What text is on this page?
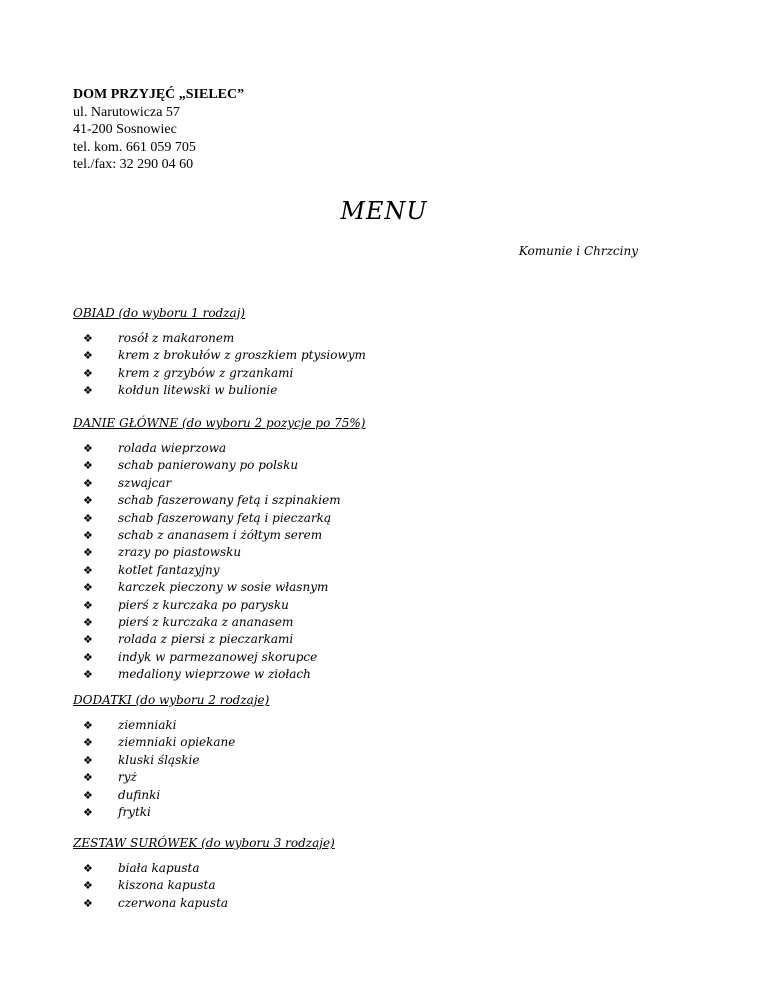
DOM PRZYJĘĆ „SIELEC”
ul. Narutowicza 57
41-200 Sosnowiec
tel. kom. 661 059 705
tel./fax: 32 290 04 60
MENU
Komunie i Chrzciny
OBIAD (do wyboru 1 rodzaj)
❖ rosół z makaronem
❖ krem z brokułów z groszkiem ptysiowym
❖ krem z grzybów z grzankami
❖ kołdun litewski w bulionie
DANIE GŁÓWNE (do wyboru 2 pozycje po 75%)
❖ rolada wieprzowa
❖ schab panierowany po polsku
❖ szwajcar
❖ schab faszerowany fetą i szpinakiem
❖ schab faszerowany fetą i pieczarką
❖ schab z ananasem i żółtym serem
❖ zrazy po piastowsku
❖ kotlet fantazyjny
❖ karczek pieczony w sosie własnym
❖ pierś z kurczaka po parysku
❖ pierś z kurczaka z ananasem
❖ rolada z piersi z pieczarkami
❖ indyk w parmezanowej skorupce
❖ medaliony wieprzowe w ziołach
DODATKI (do wyboru 2 rodzaje)
❖ ziemniaki
❖ ziemniaki opiekane
❖ kluski śląskie
❖ ryż
❖ dufinki
❖ frytki
ZESTAW SURÓWEK (do wyboru 3 rodzaje)
❖ biała kapusta
❖ kiszona kapusta
❖ czerwona kapusta
